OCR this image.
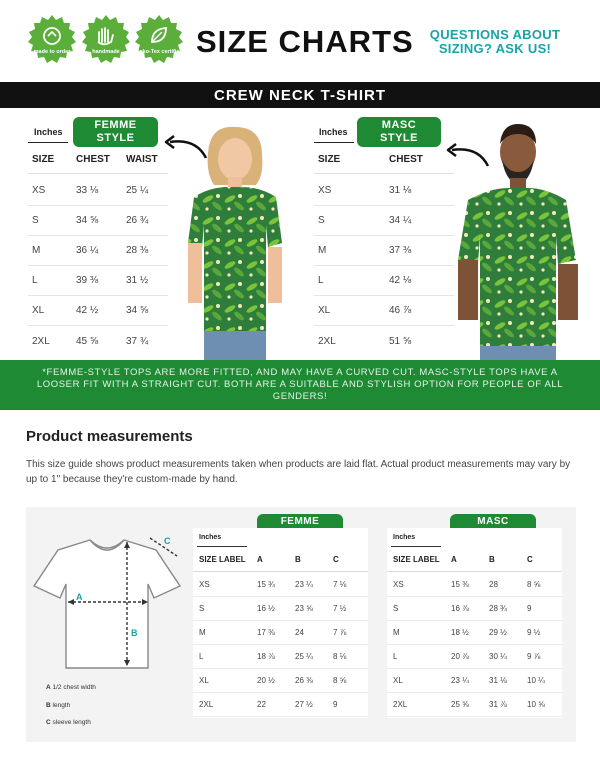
made to order	handmade	Oeko-Tex certified SIZE CHARTS	QUESTIONS ABOUT
SIZING? ASK US!
CREW NECK T-SHIRT
FEMME
STYLE
Inches
SIZE	CHEST	WAIST
XS	33 ⅛	25 ¼
S	34 ⅝	26 ¾
M	36 ¼	28 ⅜
L	39 ⅜	31 ½
XL	42 ½	34 ⅝
2XL	45 ⅝	37 ¾
MASC
STYLE
Inches
SIZE	CHEST
XS	31 ⅛
S	34 ¼
M	37 ⅜
L	42 ⅛
XL	46 ⅞
2XL	51 ⅝
*FEMME-STYLE TOPS ARE MORE FITTED, AND MAY HAVE A CURVED CUT. MASC-STYLE TOPS HAVE A LOOSER FIT WITH A STRAIGHT CUT. BOTH ARE A SUITABLE AND STYLISH OPTION FOR PEOPLE OF ALL GENDERS!
Product measurements
This size guide shows product measurements taken when products are laid flat. Actual product measurements may vary by up to 1" because they're custom-made by hand.
A
B
C
A 1/2 chest width
B length
C sleeve length
FEMME
Inches
SIZE LABEL	A	B	C
XS	15 ¾	23 ¼	7 ⅛
S	16 ½	23 ⅝	7 ½
M	17 ⅜	24	7 ⅞
L	18 ⅞	25 ¼	8 ⅛
XL	20 ½	26 ⅜	8 ⅝
2XL	22	27 ½	9
MASC
Inches
SIZE LABEL	A	B	C
XS	15 ⅜	28	8 ⅝
S	16 ⅞	28 ¾	9
M	18 ½	29 ½	9 ½
L	20 ⅞	30 ¼	9 ⅞
XL	23 ¼	31 ⅛	10 ¼
2XL	25 ⅝	31 ⅞	10 ⅝
